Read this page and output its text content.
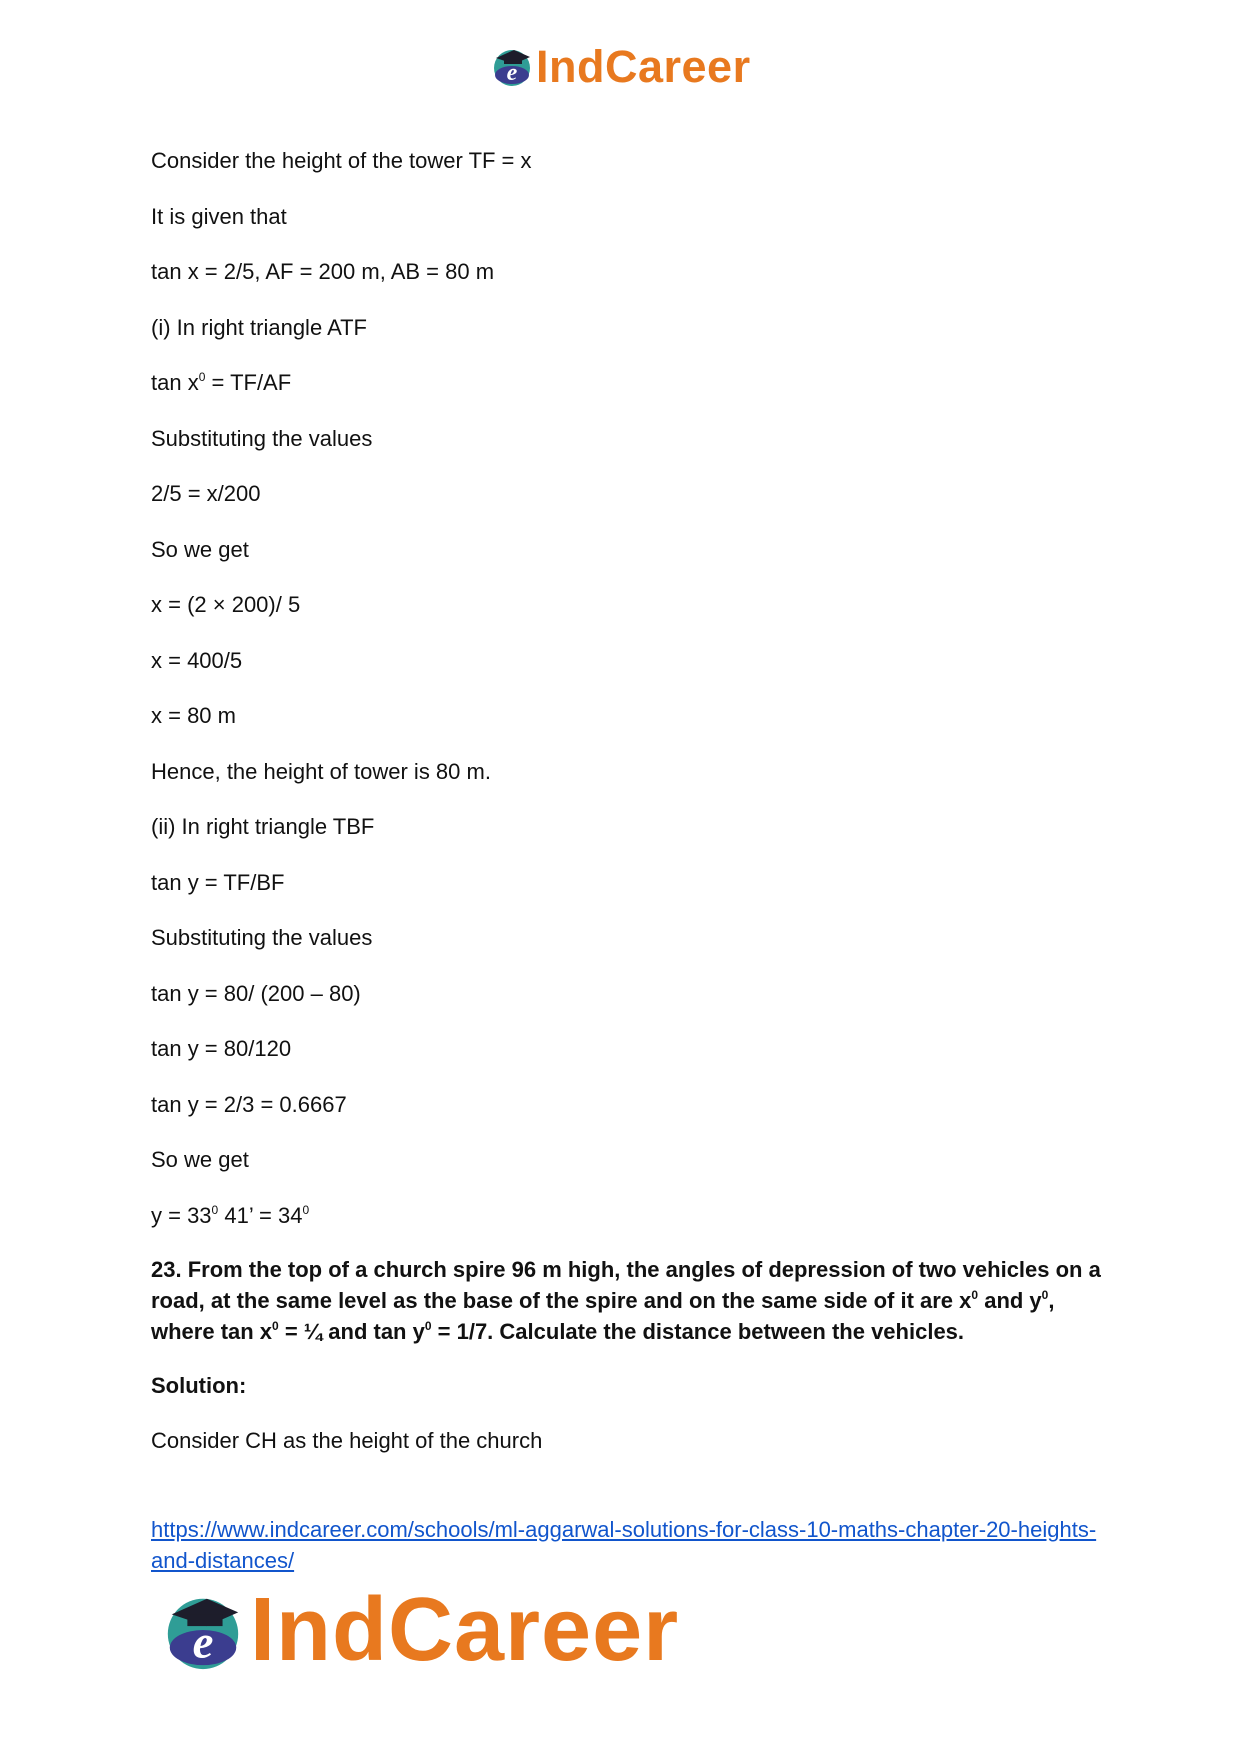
e IndCareer
Consider the height of the tower TF = x
It is given that
tan x = 2/5, AF = 200 m, AB = 80 m
(i) In right triangle ATF
$\tan x^0 = TF/AF$
Substituting the values
2/5 = x/200
So we get
x = (2 × 200)/ 5
x = 400/5
x = 80 m
Hence, the height of tower is 80 m.
(ii) In right triangle TBF
tan y = TF/BF
Substituting the values
tan y = 80/ (200 – 80)
tan y = 80/120
tan y = 2/3 = 0.6667
So we get
$y = 33^0$ 41’ = $34^0$
23. From the top of a church spire 96 m high, the angles of depression of two vehicles on a road, at the same level as the base of the spire and on the same side of it are $x^0$ and $y^0$, where $\tan x^0$ = ¼ and $\tan y^0 = 1/7$. Calculate the distance between the vehicles.
Solution:
Consider CH as the height of the church
https://www.indcareer.com/schools/ml-aggarwal-solutions-for-class-10-maths-chapter-20-heights-and-distances/
e IndCareer
